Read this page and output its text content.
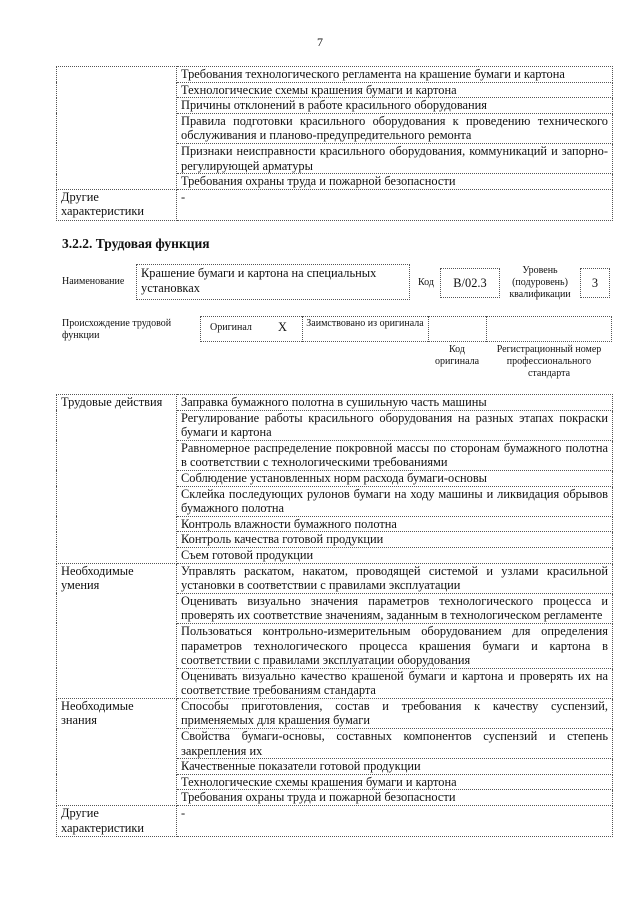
7
	Требования технологического регламента на крашение бумаги и картона
	Технологические схемы крашения бумаги и картона
	Причины отклонений в работе красильного оборудования
	Правила подготовки красильного оборудования к проведению технического обслуживания и планово-предупредительного ремонта
	Признаки неисправности красильного оборудования, коммуникаций и запорно-регулирующей арматуры
	Требования охраны труда и пожарной безопасности
Другие характеристики	-
3.2.2. Трудовая функция
Наименование
Крашение бумаги и картона на специальных установках	Код	В/02.3
Уровень (подуровень) квалификации
3
Происхождение трудовой функции
Оригинал Х Заимствовано из оригинала
Код оригинала
Регистрационный номер профессионального стандарта
Трудовые действия	Заправка бумажного полотна в сушильную часть машины
	Регулирование работы красильного оборудования на разных этапах покраски бумаги и картона
	Равномерное распределение покровной массы по сторонам бумажного полотна в соответствии с технологическими требованиями
	Соблюдение установленных норм расхода бумаги-основы
	Склейка последующих рулонов бумаги на ходу машины и ликвидация обрывов бумажного полотна
	Контроль влажности бумажного полотна
	Контроль качества готовой продукции
	Съем готовой продукции
Необходимые умения	Управлять раскатом, накатом, проводящей системой и узлами красильной установки в соответствии с правилами эксплуатации
	Оценивать визуально значения параметров технологического процесса и проверять их соответствие значениям, заданным в технологическом регламенте
	Пользоваться контрольно-измерительным оборудованием для определения параметров технологического процесса крашения бумаги и картона в соответствии с правилами эксплуатации оборудования
	Оценивать визуально качество крашеной бумаги и картона и проверять их на соответствие требованиям стандарта
Необходимые знания	Способы приготовления, состав и требования к качеству суспензий, применяемых для крашения бумаги
	Свойства бумаги-основы, составных компонентов суспензий и степень закрепления их
	Качественные показатели готовой продукции
	Технологические схемы крашения бумаги и картона
	Требования охраны труда и пожарной безопасности
Другие характеристики	-
